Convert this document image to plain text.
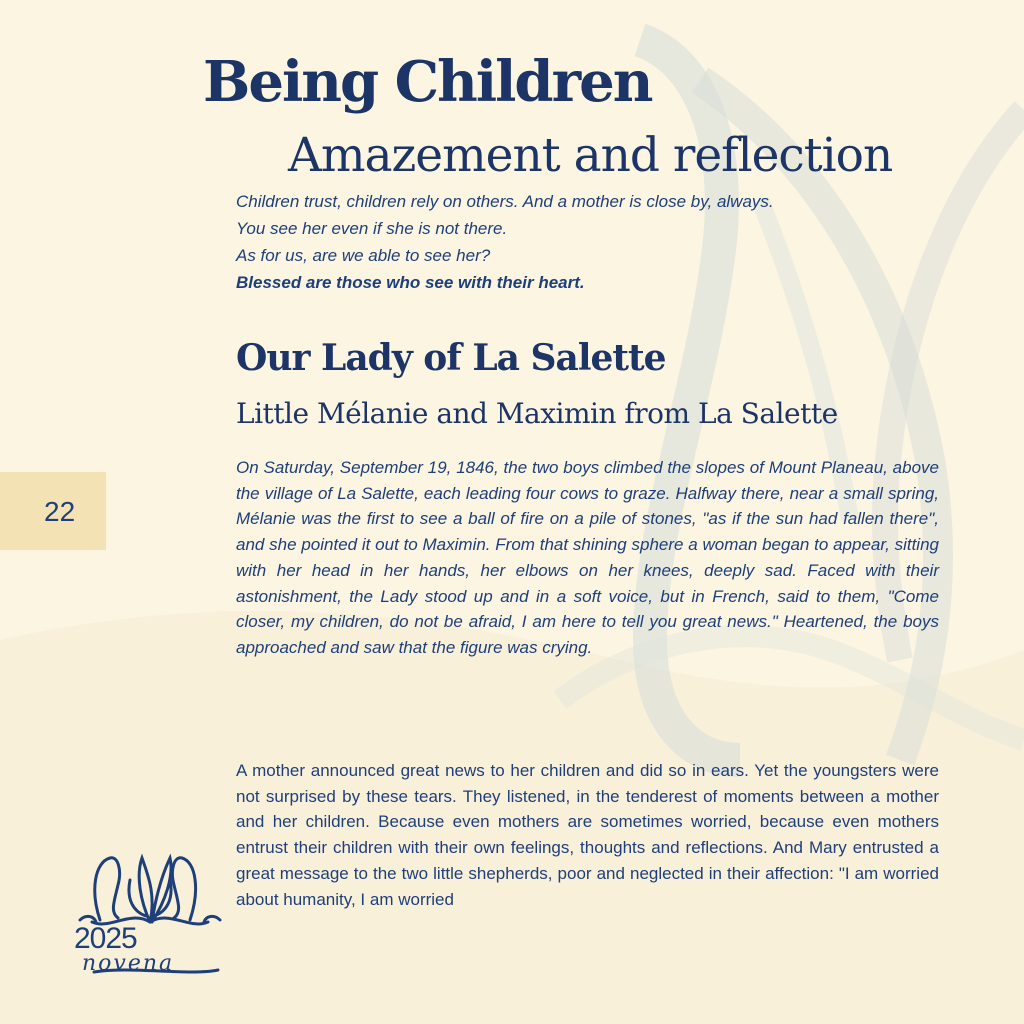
Being Children
Amazement and reflection
Children trust, children rely on others. And a mother is close by, always.
You see her even if she is not there.
As for us, are we able to see her?
Blessed are those who see with their heart.
Our Lady of La Salette
Little Mélanie and Maximin from La Salette

On Saturday, September 19, 1846, the two boys climbed the slopes of Mount Planeau, above the village of La Salette, each leading four cows to graze. Halfway there, near a small spring, Mélanie was the first to see a ball of fire on a pile of stones, "as if the sun had fallen there", and she pointed it out to Maximin. From that shining sphere a woman began to appear, sitting with her head in her hands, her elbows on her knees, deeply sad. Faced with their astonishment, the Lady stood up and in a soft voice, but in French, said to them, "Come closer, my children, do not be afraid, I am here to tell you great news." Heartened, the boys approached and saw that the figure was crying.

A mother announced great news to her children and did so in ears. Yet the youngsters were not surprised by these tears. They listened, in the tenderest of moments between a mother and her children. Because even mothers are sometimes worried, because even mothers entrust their children with their own feelings, thoughts and reflections. And Mary entrusted a great message to the two little shepherds, poor and neglected in their affection: "I am worried about humanity, I am worried

22
2025
novena
